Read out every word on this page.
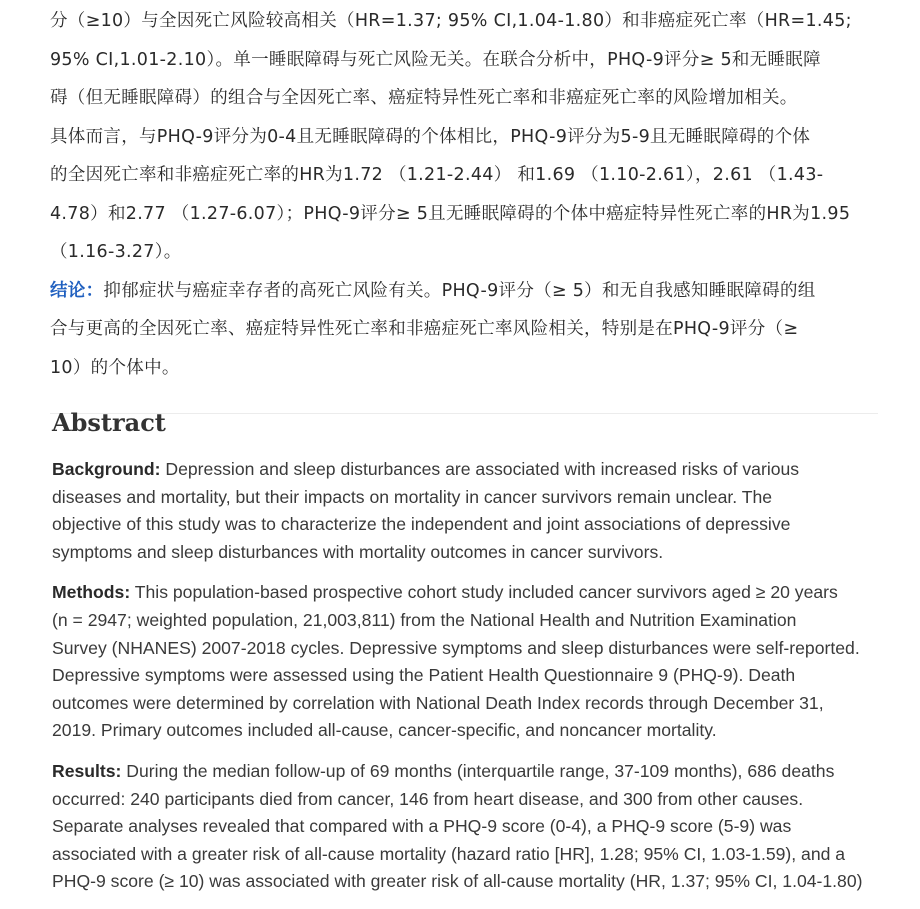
分（≥10）与全因死亡风险较高相关（HR=1.37; 95% CI,1.04-1.80）和非癌症死亡率（HR=1.45;
95% CI,1.01-2.10）。单一睡眠障碍与死亡风险无关。在联合分析中，PHQ-9评分≥ 5和无睡眠障
碍（但无睡眠障碍）的组合与全因死亡率、癌症特异性死亡率和非癌症死亡率的风险增加相关。
具体而言，与PHQ-9评分为0-4且无睡眠障碍的个体相比，PHQ-9评分为5-9且无睡眠障碍的个体
的全因死亡率和非癌症死亡率的HR为1.72 （1.21-2.44） 和1.69 （1.10-2.61），2.61 （1.43-
4.78）和2.77 （1.27-6.07）；PHQ-9评分≥ 5且无睡眠障碍的个体中癌症特异性死亡率的HR为1.95
（1.16-3.27）。

结论：抑郁症状与癌症幸存者的高死亡风险有关。PHQ-9评分（≥ 5）和无自我感知睡眠障碍的组
合与更高的全因死亡率、癌症特异性死亡率和非癌症死亡率风险相关，特别是在PHQ-9评分（≥
10）的个体中。

Abstract

Background: Depression and sleep disturbances are associated with increased risks of various
diseases and mortality, but their impacts on mortality in cancer survivors remain unclear. The
objective of this study was to characterize the independent and joint associations of depressive
symptoms and sleep disturbances with mortality outcomes in cancer survivors.

Methods: This population-based prospective cohort study included cancer survivors aged ≥ 20 years
(n = 2947; weighted population, 21,003,811) from the National Health and Nutrition Examination
Survey (NHANES) 2007-2018 cycles. Depressive symptoms and sleep disturbances were self-reported.
Depressive symptoms were assessed using the Patient Health Questionnaire 9 (PHQ-9). Death
outcomes were determined by correlation with National Death Index records through December 31,
2019. Primary outcomes included all-cause, cancer-specific, and noncancer mortality.

Results: During the median follow-up of 69 months (interquartile range, 37-109 months), 686 deaths
occurred: 240 participants died from cancer, 146 from heart disease, and 300 from other causes.
Separate analyses revealed that compared with a PHQ-9 score (0-4), a PHQ-9 score (5-9) was
associated with a greater risk of all-cause mortality (hazard ratio [HR], 1.28; 95% CI, 1.03-1.59), and a
PHQ-9 score (≥ 10) was associated with greater risk of all-cause mortality (HR, 1.37; 95% CI, 1.04-1.80)
